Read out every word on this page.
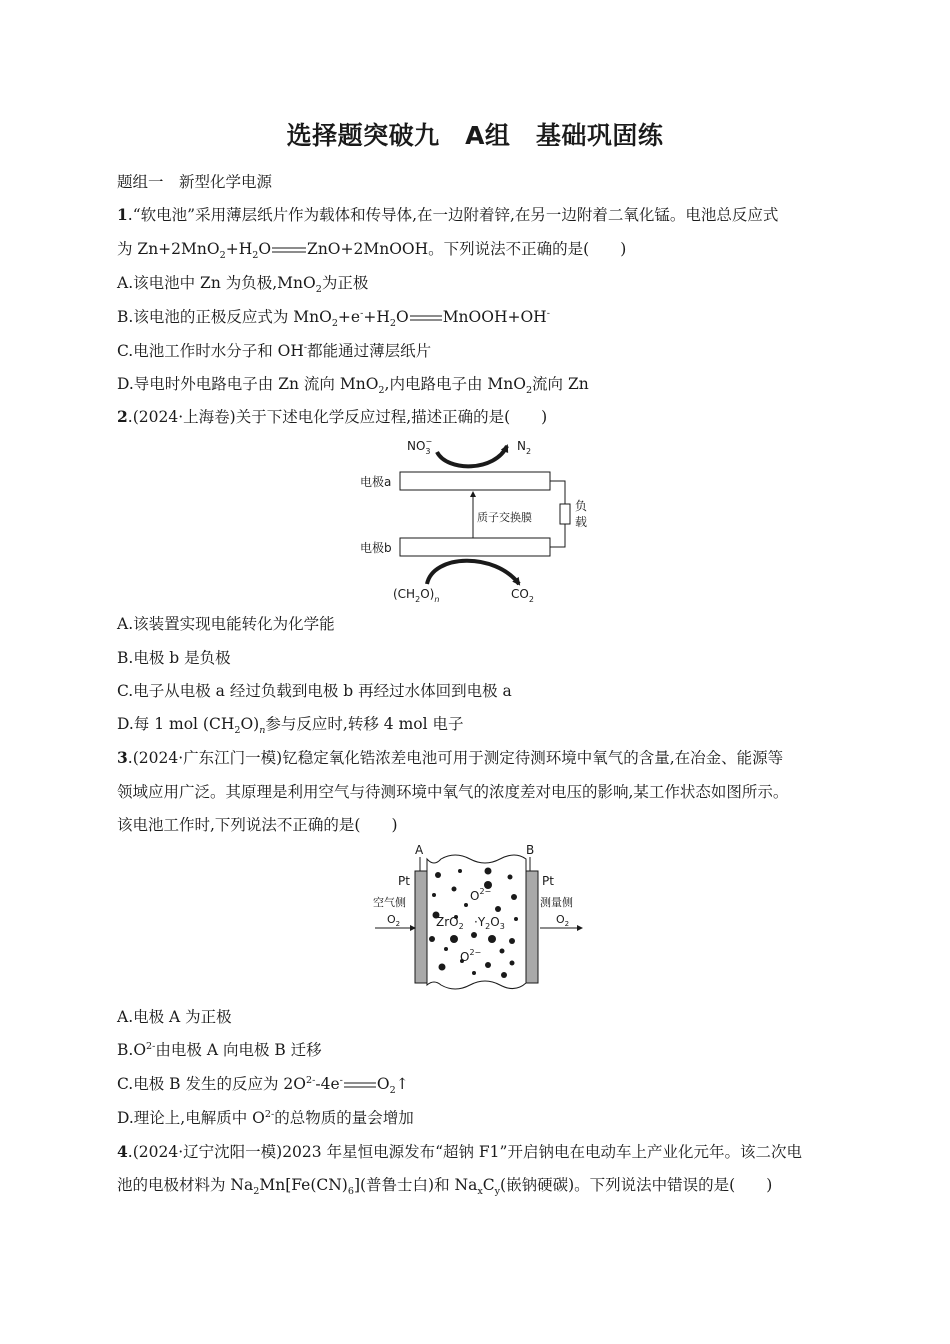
选择题突破九　A组　基础巩固练
题组一　新型化学电源
1.“软电池”采用薄层纸片作为载体和传导体,在一边附着锌,在另一边附着二氧化锰。电池总反应式
为 $Zn+2MnO_2+H_2O$ ZnO+2MnOOH。下列说法不正确的是(　　)
A.该电池中 Zn 为负极,MnO$_2$为正极
B.该电池的正极反应式为 $MnO_2+e^-+H_2O$ MnOOH+OH-
C.电池工作时水分子和 OH-都能通过薄层纸片
D.导电时外电路电子由 Zn 流向 MnO$_2$,内电路电子由 MnO$_2$流向 Zn
2.(2024·上海卷)关于下述电化学反应过程,描述正确的是(　　)
$NO_3-$	$N_2$
电极a
电极b
质子交换膜
负
载
$(CH_2O)_n$	$CO_2$
A.该装置实现电能转化为化学能
B.电极 b 是负极
C.电子从电极 a 经过负载到电极 b 再经过水体回到电极 a
D.每 1 mol $(CH_2O)_n$参与反应时,转移 4 mol 电子
3.(2024·广东江门一模)钇稳定氧化锆浓差电池可用于测定待测环境中氧气的含量,在冶金、能源等
领域应用广泛。其原理是利用空气与待测环境中氧气的浓度差对电压的影响,某工作状态如图所示。
该电池工作时,下列说法不正确的是(　　)
A	B
Pt	Pt
空气侧	测量侧
$O_2$	$O_2$
$O^{2-}$
$ZrO_2 \cdot Y_2O_3$
$O^{2-}$
A.电极 A 为正极
$B.O^{2-}$由电极 A 向电极 B 迁移
C.电极 B 发生的反应为 $2O^{2-}-4e^-$ $O_2↑$
D.理论上,电解质中 $O^{2-}$的总物质的量会增加
4.(2024·辽宁沈阳一模)2023 年星恒电源发布“超钠 F1”开启钠电在电动车上产业化元年。该二次电
池的电极材料为 $Na_2Mn[Fe(CN)_6]$(普鲁士白)和 $Na_xC_y$(嵌钠硬碳)。下列说法中错误的是(　　)
